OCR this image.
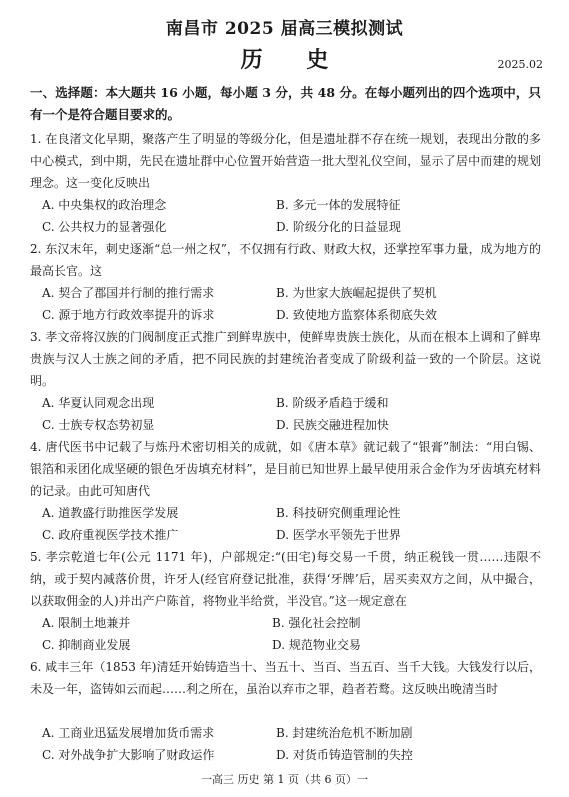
南昌市 2025 届高三模拟测试
历 史	2025.02
一、选择题：本大题共 16 小题，每小题 3 分，共 48 分。在每小题列出的四个选项中，只有一个是符合题目要求的。
1. 在良渚文化早期，聚落产生了明显的等级分化，但是遗址群不存在统一规划，表现出分散的多中心模式，到中期，先民在遗址群中心位置开始营造一批大型礼仪空间，显示了居中而建的规划理念。这一变化反映出
A. 中央集权的政治理念	B. 多元一体的发展特征
C. 公共权力的显著强化	D. 阶级分化的日益显现
2. 东汉末年，刺史逐渐“总一州之权”，不仅拥有行政、财政大权，还掌控军事力量，成为地方的最高长官。这
A. 契合了郡国并行制的推行需求	B. 为世家大族崛起提供了契机
C. 源于地方行政效率提升的诉求	D. 致使地方监察体系彻底失效
3. 孝文帝将汉族的门阀制度正式推广到鲜卑族中，使鲜卑贵族士族化，从而在根本上调和了鲜卑贵族与汉人士族之间的矛盾，把不同民族的封建统治者变成了阶级利益一致的一个阶层。这说明。
A. 华夏认同观念出现	B. 阶级矛盾趋于缓和
C. 士族专权态势初显	D. 民族交融进程加快
4. 唐代医书中记载了与炼丹术密切相关的成就，如《唐本草》就记载了“银膏”制法：“用白锡、银箔和汞团化成坚硬的银色牙齿填充材料”，是目前已知世界上最早使用汞合金作为牙齿填充材料的记录。由此可知唐代
A. 道教盛行助推医学发展	B. 科技研究侧重理论性
C. 政府重视医学技术推广	D. 医学水平领先于世界
5. 孝宗乾道七年(公元 1171 年)，户部规定:“(田宅)每交易一千贯，纳正税钱一贯……违限不纳，或于契内减落价贯，许牙人(经官府登记批准，获得‘牙牌’后，居买卖双方之间，从中撮合，以获取佣金的人)并出产户陈首，将物业半给赏，半没官。”这一规定意在
A. 限制土地兼并	B. 强化社会控制
C. 抑制商业发展	D. 规范物业交易
一高三 历史 第 1 页（共 6 页）一
6. 咸丰三年（1853 年)清廷开始铸造当十、当五十、当百、当五百、当千大钱。大钱发行以后，未及一年，盗铸如云而起……利之所在，虽治以弃市之罪，趋者若鹜。这反映出晚清当时
A. 工商业迅猛发展增加货币需求	B. 封建统治危机不断加剧
C. 对外战争扩大影响了财政运作	D. 对货币铸造管制的失控
